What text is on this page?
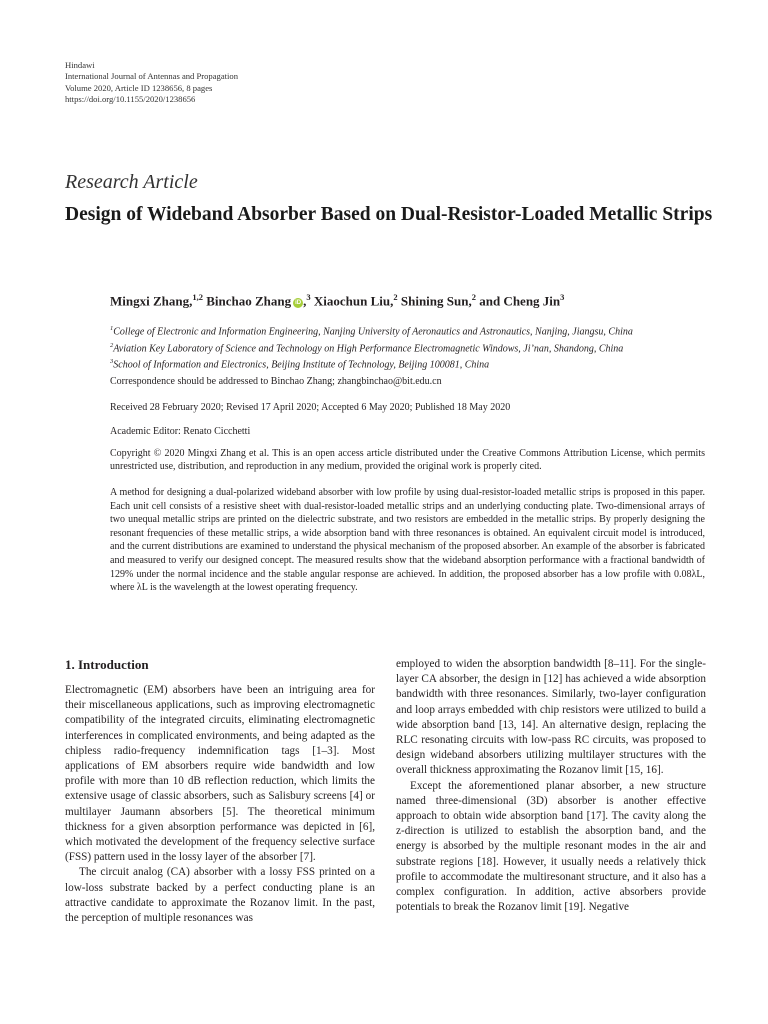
Hindawi
International Journal of Antennas and Propagation
Volume 2020, Article ID 1238656, 8 pages
https://doi.org/10.1155/2020/1238656
Research Article
Design of Wideband Absorber Based on Dual-Resistor-Loaded Metallic Strips
Mingxi Zhang,$^{1,2}$ Binchao Zhang iD ,$^3$ Xiaochun Liu,$^2$ Shining Sun,$^2$ and Cheng Jin$^3$
$^1$College of Electronic and Information Engineering, Nanjing University of Aeronautics and Astronautics, Nanjing, Jiangsu, China
$^2$Aviation Key Laboratory of Science and Technology on High Performance Electromagnetic Windows, Ji’nan, Shandong, China
$^3$School of Information and Electronics, Beijing Institute of Technology, Beijing 100081, China
Correspondence should be addressed to Binchao Zhang; zhangbinchao@bit.edu.cn
Received 28 February 2020; Revised 17 April 2020; Accepted 6 May 2020; Published 18 May 2020
Academic Editor: Renato Cicchetti
Copyright © 2020 Mingxi Zhang et al. This is an open access article distributed under the Creative Commons Attribution License, which permits unrestricted use, distribution, and reproduction in any medium, provided the original work is properly cited.
A method for designing a dual-polarized wideband absorber with low profile by using dual-resistor-loaded metallic strips is proposed in this paper. Each unit cell consists of a resistive sheet with dual-resistor-loaded metallic strips and an underlying conducting plate. Two-dimensional arrays of two unequal metallic strips are printed on the dielectric substrate, and two resistors are embedded in the metallic strips. By properly designing the resonant frequencies of these metallic strips, a wide absorption band with three resonances is obtained. An equivalent circuit model is introduced, and the current distributions are examined to understand the physical mechanism of the proposed absorber. An example of the absorber is fabricated and measured to verify our designed concept. The measured results show that the wideband absorption performance with a fractional bandwidth of 129% under the normal incidence and the stable angular response are achieved. In addition, the proposed absorber has a low profile with 0.08λL, where λL is the wavelength at the lowest operating frequency.
1. Introduction

Electromagnetic (EM) absorbers have been an intriguing area for their miscellaneous applications, such as improving electromagnetic compatibility of the integrated circuits, eliminating electromagnetic interferences in complicated environments, and being adapted as the chipless radio-frequency indemnification tags [1–3]. Most applications of EM absorbers require wide bandwidth and low profile with more than 10 dB reflection reduction, which limits the extensive usage of classic absorbers, such as Salisbury screens [4] or multilayer Jaumann absorbers [5]. The theoretical minimum thickness for a given absorption performance was depicted in [6], which motivated the development of the frequency selective surface (FSS) pattern used in the lossy layer of the absorber [7].

The circuit analog (CA) absorber with a lossy FSS printed on a low-loss substrate backed by a perfect conducting plane is an attractive candidate to approximate the Rozanov limit. In the past, the perception of multiple resonances was

employed to widen the absorption bandwidth [8–11]. For the single-layer CA absorber, the design in [12] has achieved a wide absorption bandwidth with three resonances. Similarly, two-layer configuration and loop arrays embedded with chip resistors were utilized to build a wide absorption band [13, 14]. An alternative design, replacing the RLC resonating circuits with low-pass RC circuits, was proposed to design wideband absorbers utilizing multilayer structures with the overall thickness approximating the Rozanov limit [15, 16].

Except the aforementioned planar absorber, a new structure named three-dimensional (3D) absorber is another effective approach to obtain wide absorption band [17]. The cavity along the z-direction is utilized to establish the absorption band, and the energy is absorbed by the multiple resonant modes in the air and substrate regions [18]. However, it usually needs a relatively thick profile to accommodate the multiresonant structure, and it also has a complex configuration. In addition, active absorbers provide potentials to break the Rozanov limit [19]. Negative
